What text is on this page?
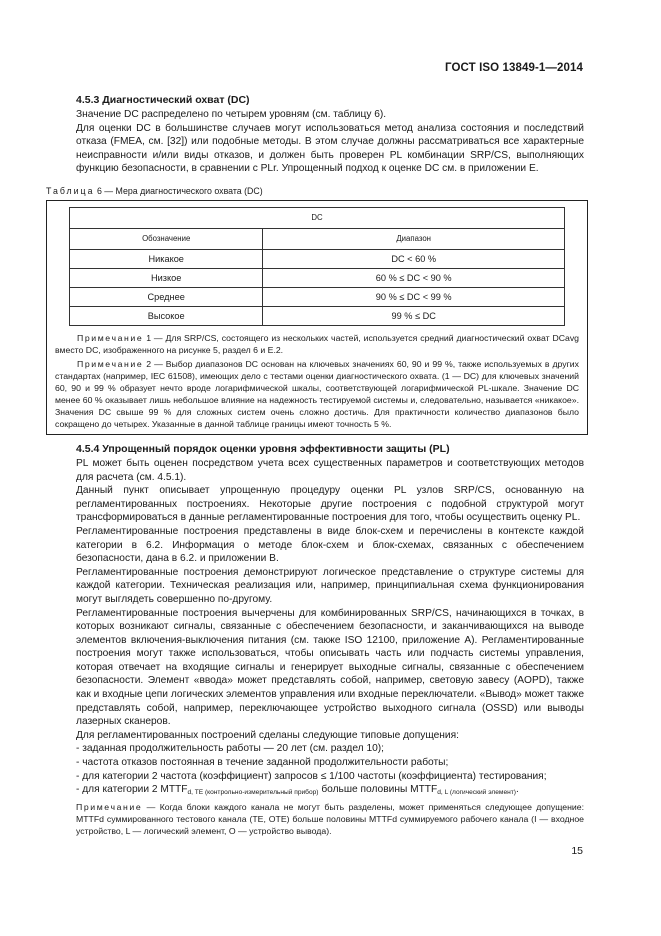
ГОСТ ISO 13849-1—2014
4.5.3 Диагностический охват (DC)

Значение DC распределено по четырем уровням (см. таблицу 6).

Для оценки DC в большинстве случаев могут использоваться метод анализа состояния и последствий отказа (FMEA, см. [32]) или подобные методы. В этом случае должны рассматриваться все характерные неисправности и/или виды отказов, и должен быть проверен PL комбинации SRP/CS, выполняющих функцию безопасности, в сравнении с PLr. Упрощенный подход к оценке DC см. в приложении Е.

Таблица 6 — Мера диагностического охвата (DC)
DC	
Обозначение	Диапазон
Никакое	DC < 60 %
Низкое	60 % ≤ DC < 90 %
Среднее	90 % ≤ DC < 99 %
Высокое	99 % ≤ DC
Примечание 1 — Для SRP/CS, состоящего из нескольких частей, используется средний диагностический охват DCavg вместо DC, изображенного на рисунке 5, раздел 6 и Е.2.
Примечание 2 — Выбор диапазонов DC основан на ключевых значениях 60, 90 и 99 %, также используемых в других стандартах (например, IEC 61508), имеющих дело с тестами оценки диагностического охвата. (1 — DC) для ключевых значений 60, 90 и 99 % образует нечто вроде логарифмической шкалы, соответствующей логарифмической PL-шкале. Значение DC менее 60 % оказывает лишь небольшое влияние на надежность тестируемой системы и, следовательно, называется «никакое». Значения DC свыше 99 % для сложных систем очень сложно достичь. Для практичности количество диапазонов было сокращено до четырех. Указанные в данной таблице границы имеют точность 5 %.
4.5.4 Упрощенный порядок оценки уровня эффективности защиты (PL)

PL может быть оценен посредством учета всех существенных параметров и соответствующих методов для расчета (см. 4.5.1).

Данный пункт описывает упрощенную процедуру оценки PL узлов SRP/CS, основанную на регламентированных построениях. Некоторые другие построения с подобной структурой могут трансформироваться в данные регламентированные построения для того, чтобы осуществить оценку PL.

Регламентированные построения представлены в виде блок-схем и перечислены в контексте каждой категории в 6.2. Информация о методе блок-схем и блок-схемах, связанных с обеспечением безопасности, дана в 6.2. и приложении В.

Регламентированные построения демонстрируют логическое представление о структуре системы для каждой категории. Техническая реализация или, например, принципиальная схема функционирования могут выглядеть совершенно по-другому.

Регламентированные построения вычерчены для комбинированных SRP/CS, начинающихся в точках, в которых возникают сигналы, связанные с обеспечением безопасности, и заканчивающихся на выводе элементов включения-выключения питания (см. также ISO 12100, приложение А). Регламентированные построения могут также использоваться, чтобы описывать часть или подчасть системы управления, которая отвечает на входящие сигналы и генерирует выходные сигналы, связанные с обеспечением безопасности. Элемент «ввода» может представлять собой, например, световую завесу (AOPD), также как и входные цепи логических элементов управления или входные переключатели. «Вывод» может также представлять собой, например, переключающее устройство выходного сигнала (OSSD) или выводы лазерных сканеров.

Для регламентированных построений сделаны следующие типовые допущения:

- заданная продолжительность работы — 20 лет (см. раздел 10);

- частота отказов постоянная в течение заданной продолжительности работы;

- для категории 2 частота (коэффициент) запросов ≤ 1/100 частоты (коэффициента) тестирования;

- для категории 2 $MTTF_{d, TE (контрольно-измерительный прибор)}$ больше половины $MTTF_{d, L (логический элемент)}$.

Примечание — Когда блоки каждого канала не могут быть разделены, может применяться следующее допущение: MTTFd суммированного тестового канала (TE, OTE) больше половины MTTFd суммируемого рабочего канала (I — входное устройство, L — логический элемент, О — устройство вывода).
15
